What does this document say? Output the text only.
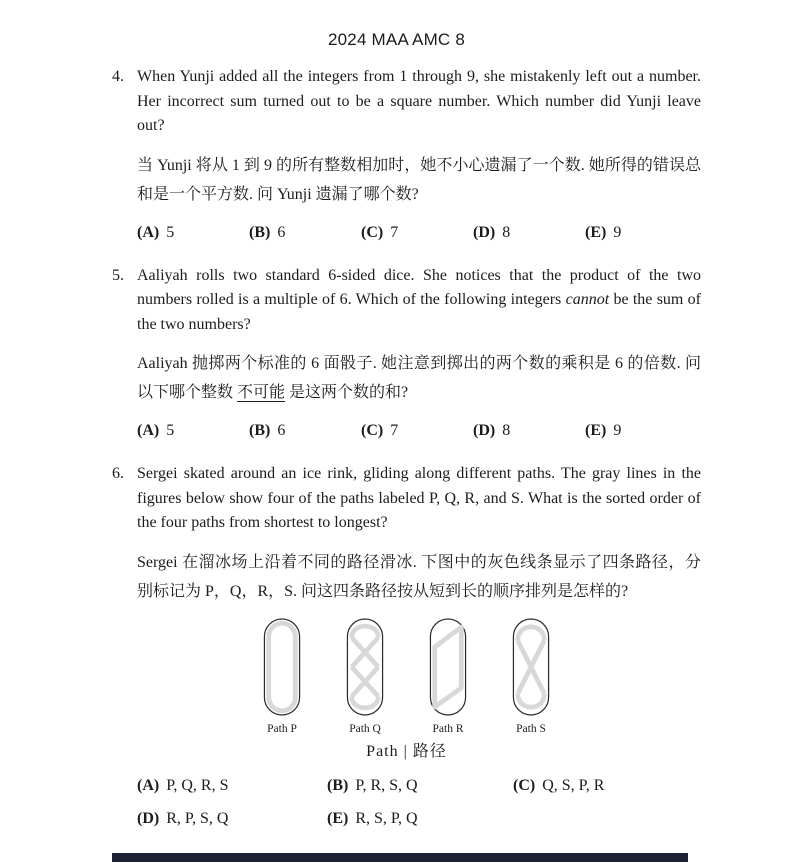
2024 MAA AMC 8
4. When Yunji added all the integers from 1 through 9, she mistakenly left out a number. Her incorrect sum turned out to be a square number. Which number did Yunji leave out?

当 Yunji 将从 1 到 9 的所有整数相加时，她不小心遗漏了一个数. 她所得的错误总和是一个平方数. 问 Yunji 遗漏了哪个数?

(A) 5	(B) 6	(C) 7	(D) 8	(E) 9
5. Aaliyah rolls two standard 6-sided dice. She notices that the product of the two numbers rolled is a multiple of 6. Which of the following integers cannot be the sum of the two numbers?

Aaliyah 抛掷两个标准的 6 面骰子. 她注意到掷出的两个数的乘积是 6 的倍数. 问以下哪个整数 不可能 是这两个数的和?

(A) 5	(B) 6	(C) 7	(D) 8	(E) 9
6. Sergei skated around an ice rink, gliding along different paths. The gray lines in the figures below show four of the paths labeled P, Q, R, and S. What is the sorted order of the four paths from shortest to longest?

Sergei 在溜冰场上沿着不同的路径滑冰. 下图中的灰色线条显示了四条路径，分别标记为 P，Q，R，S. 问这四条路径按从短到长的顺序排列是怎样的?

Path P	Path Q	Path R	Path S
Path | 路径
(A) P, Q, R, S	(B) P, R, S, Q	(C) Q, S, P, R
(D) R, P, S, Q	(E) R, S, P, Q
